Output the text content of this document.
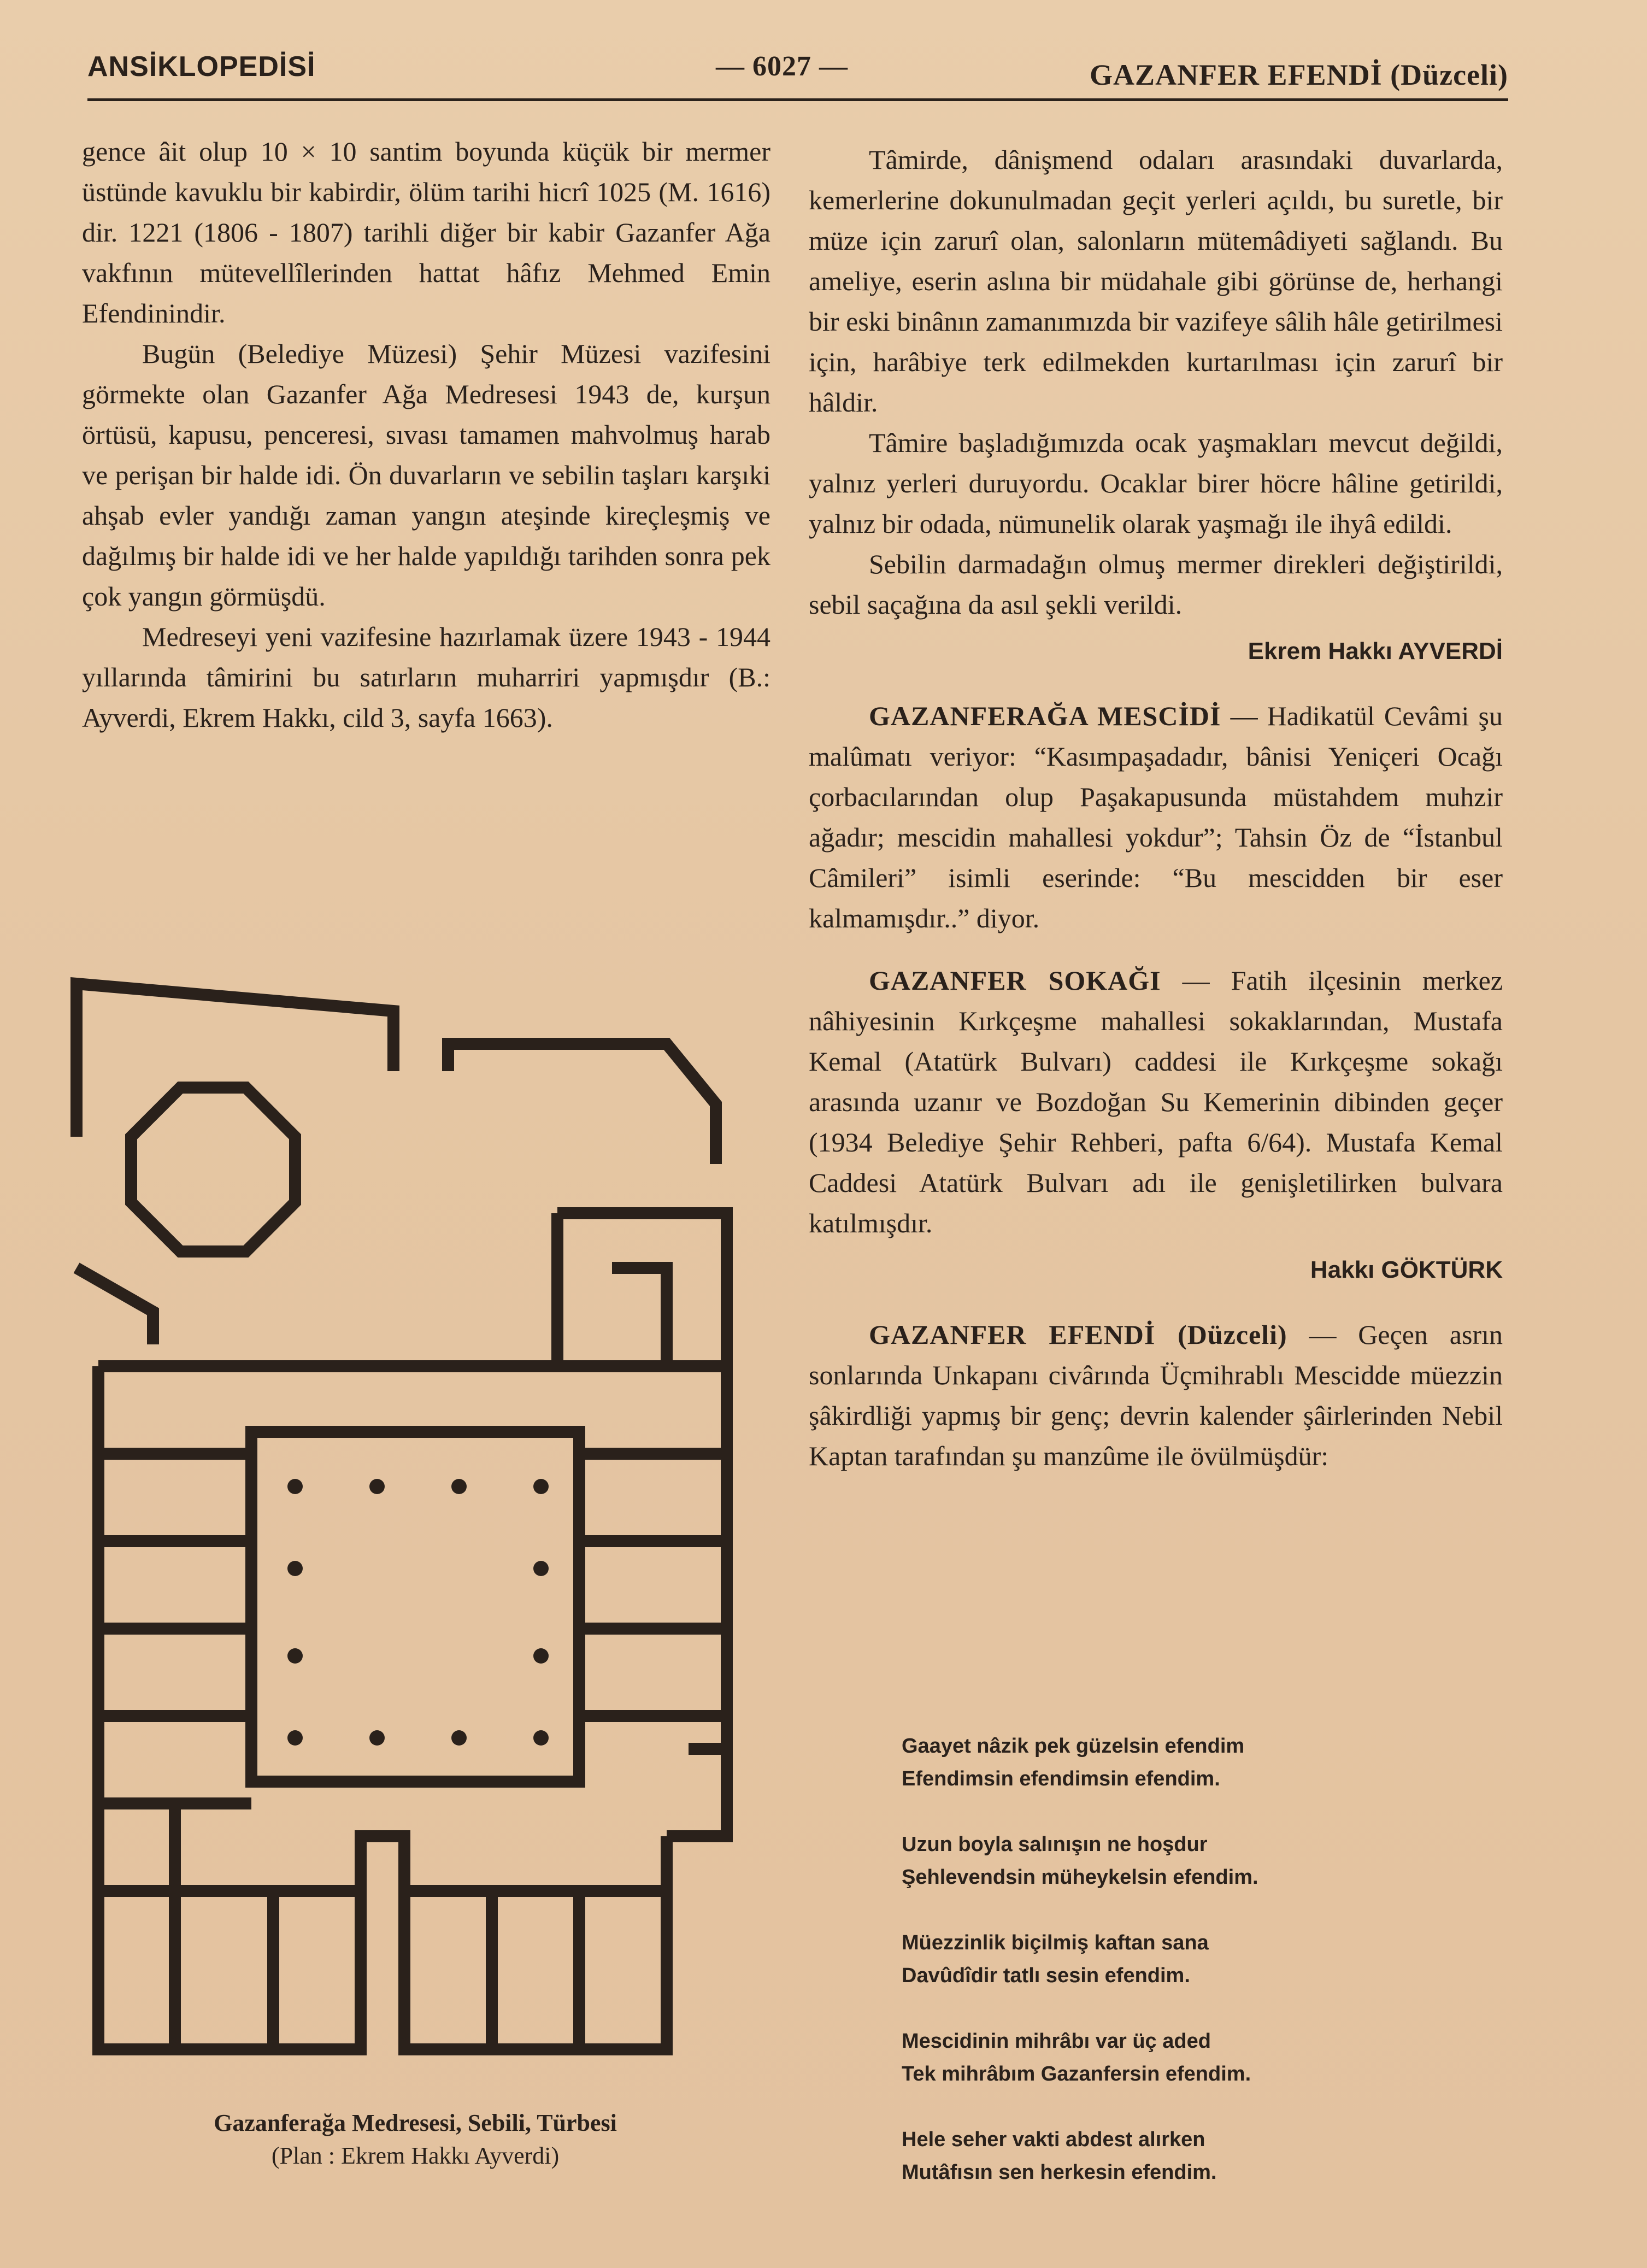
ANSİKLOPEDİSİ	— 6027 —	GAZANFER EFENDİ (Düzceli)

gence âit olup 10 × 10 santim boyunda küçük bir mermer üstünde kavuklu bir kabirdir, ölüm tarihi hicrî 1025 (M. 1616) dir. 1221 (1806 - 1807) tarihli diğer bir kabir Gazanfer Ağa vakfının mütevellîlerinden hattat hâfız Mehmed Emin Efendinindir.

Bugün (Belediye Müzesi) Şehir Müzesi vazifesini görmekte olan Gazanfer Ağa Medresesi 1943 de, kurşun örtüsü, kapusu, penceresi, sıvası tamamen mahvolmuş harab ve perişan bir halde idi. Ön duvarların ve sebilin taşları karşıki ahşab evler yandığı zaman yangın ateşinde kireçleşmiş ve dağılmış bir halde idi ve her halde yapıldığı tarihden sonra pek çok yangın görmüşdü.

Medreseyi yeni vazifesine hazırlamak üzere 1943 - 1944 yıllarında tâmirini bu satırların muharriri yapmışdır (B.: Ayverdi, Ekrem Hakkı, cild 3, sayfa 1663).

Gazanferağa Medresesi, Sebili, Türbesi
(Plan : Ekrem Hakkı Ayverdi)

Tâmirde, dânişmend odaları arasındaki duvarlarda, kemerlerine dokunulmadan geçit yerleri açıldı, bu suretle, bir müze için zarurî olan, salonların mütemâdiyeti sağlandı. Bu ameliye, eserin aslına bir müdahale gibi görünse de, herhangi bir eski binânın zamanımızda bir vazifeye sâlih hâle getirilmesi için, harâbiye terk edilmekden kurtarılması için zarurî bir hâldir.

Tâmire başladığımızda ocak yaşmakları mevcut değildi, yalnız yerleri duruyordu. Ocaklar birer höcre hâline getirildi, yalnız bir odada, nümunelik olarak yaşmağı ile ihyâ edildi.

Sebilin darmadağın olmuş mermer direkleri değiştirildi, sebil saçağına da asıl şekli verildi.

Ekrem Hakkı AYVERDİ

GAZANFERAĞA MESCİDİ — Hadikatül Cevâmi şu malûmatı veriyor: “Kasımpaşadadır, bânisi Yeniçeri Ocağı çorbacılarından olup Paşakapusunda müstahdem muhzir ağadır; mescidin mahallesi yokdur”; Tahsin Öz de “İstanbul Câmileri” isimli eserinde: “Bu mescidden bir eser kalmamışdır..” diyor.

GAZANFER SOKAĞI — Fatih ilçesinin merkez nâhiyesinin Kırkçeşme mahallesi sokaklarından, Mustafa Kemal (Atatürk Bulvarı) caddesi ile Kırkçeşme sokağı arasında uzanır ve Bozdoğan Su Kemerinin dibinden geçer (1934 Belediye Şehir Rehberi, pafta 6/64). Mustafa Kemal Caddesi Atatürk Bulvarı adı ile genişletilirken bulvara katılmışdır.

Hakkı GÖKTÜRK

GAZANFER EFENDİ (Düzceli) — Geçen asrın sonlarında Unkapanı civârında Üçmihrablı Mescidde müezzin şâkirdliği yapmış bir genç; devrin kalender şâirlerinden Nebil Kaptan tarafından şu manzûme ile övülmüşdür:

Gaayet nâzik pek güzelsin efendim
Efendimsin efendimsin efendim.
Uzun boyla salınışın ne hoşdur
Şehlevendsin müheykelsin efendim.
Müezzinlik biçilmiş kaftan sana
Davûdîdir tatlı sesin efendim.
Mescidinin mihrâbı var üç aded
Tek mihrâbım Gazanfersin efendim.
Hele seher vakti abdest alırken
Mutâfısın sen herkesin efendim.
